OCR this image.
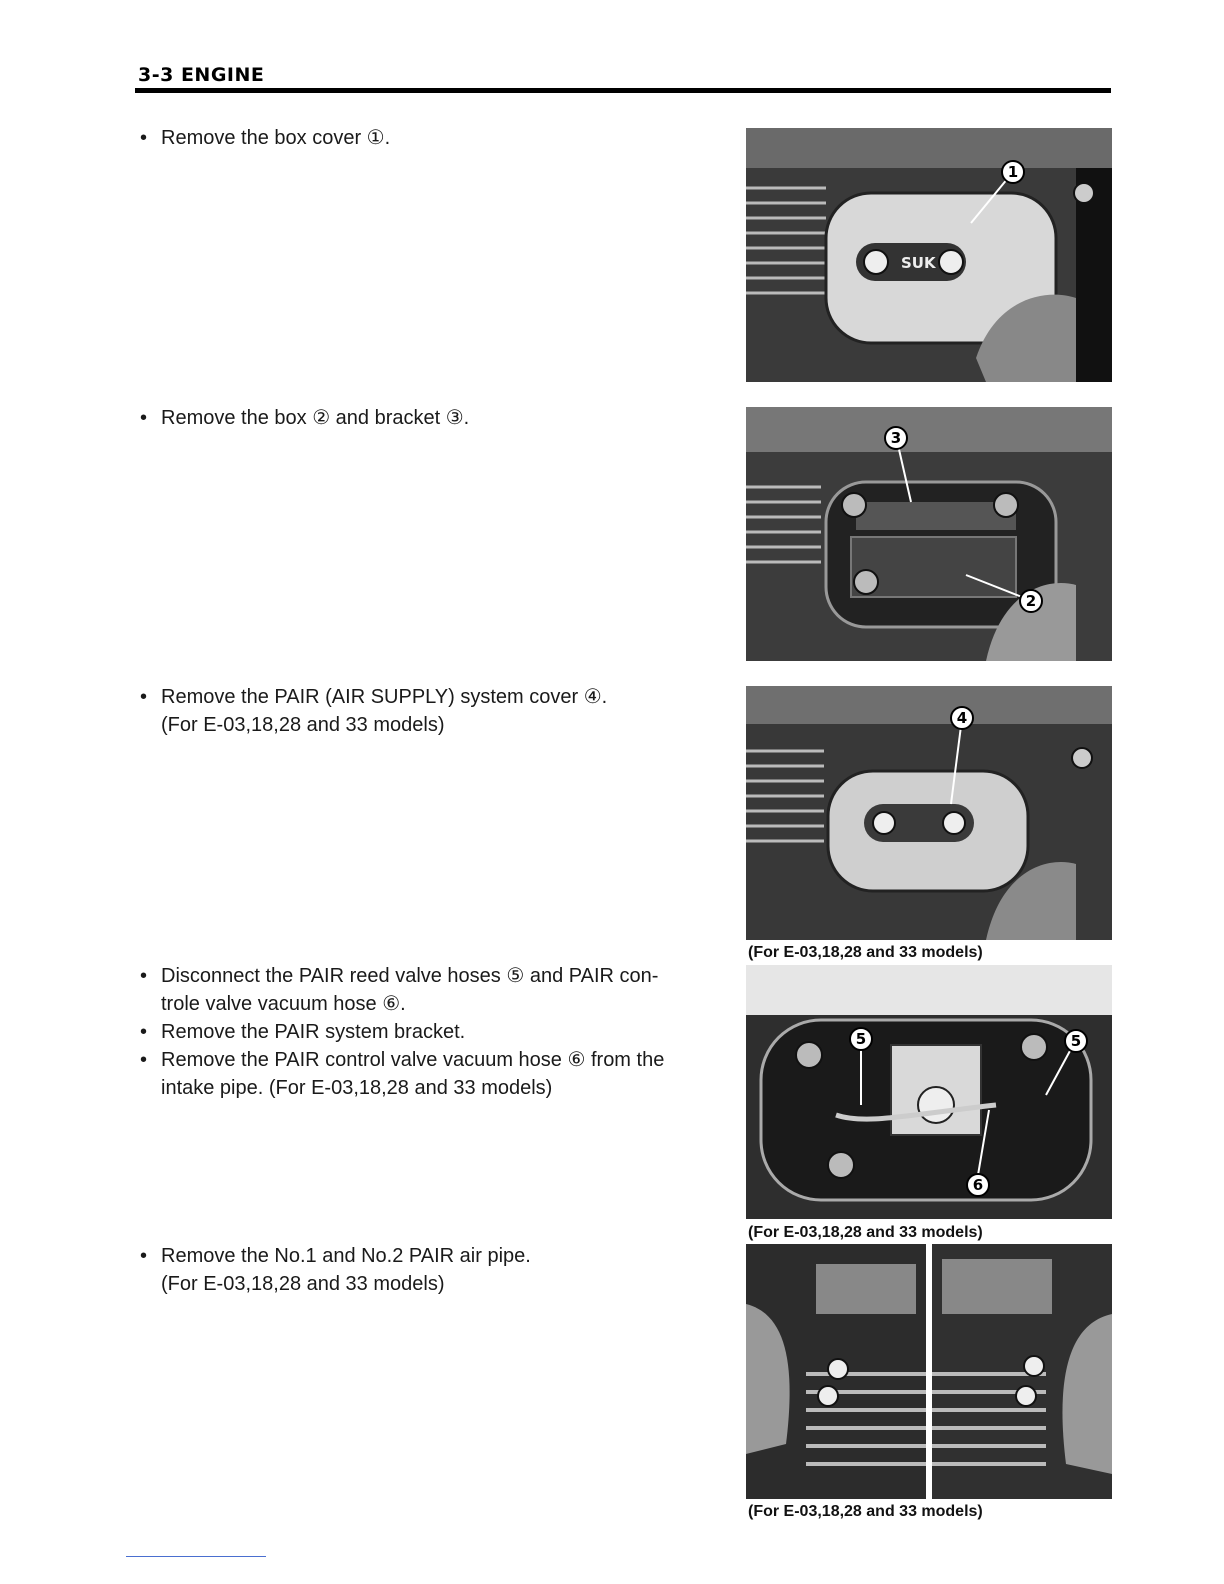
3-3 ENGINE
• Remove the box cover ①.
• Remove the box ② and bracket ③.
• Remove the PAIR (AIR SUPPLY) system cover ④.
(For E-03,18,28 and 33 models)
• Disconnect the PAIR reed valve hoses ⑤ and PAIR con-
trole valve vacuum hose ⑥.
• Remove the PAIR system bracket.
• Remove the PAIR control valve vacuum hose ⑥ from the
intake pipe. (For E-03,18,28 and 33 models)
• Remove the No.1 and No.2 PAIR air pipe.
(For E-03,18,28 and 33 models)
SUK
1
3
2
4
(For E-03,18,28 and 33 models)
5	5
6
(For E-03,18,28 and 33 models)
(For E-03,18,28 and 33 models)
